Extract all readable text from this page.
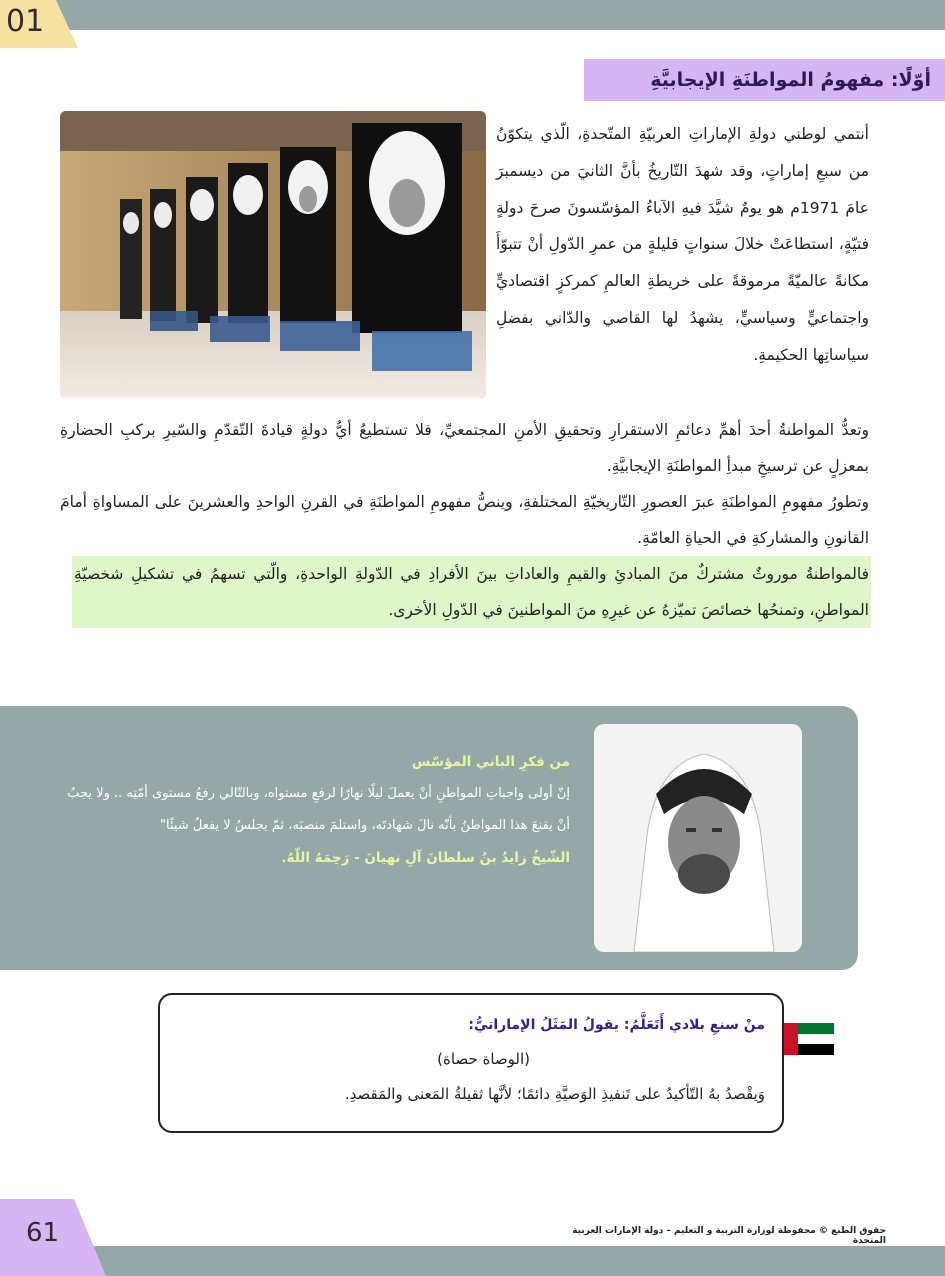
01
أوّلًا: مفهومُ المواطنَةِ الإيجابيَّةِ
أنتمي لوطني دولةِ الإماراتِ العربيّةِ المتّحدةِ، الّذي يتكوّنُ من سبعِ إماراتٍ، وقد شهدَ التّاريخُ بأنَّ الثانيَ من ديسمبرَ عامَ 1971م هو يومٌ شيَّدَ فيهِ الآباءُ المؤسّسونَ صرحَ دولةٍ فتيّةٍ، استطاعَتْ خلالَ سنواتٍ قليلةٍ من عمرِ الدّولِ أنْ تتبوّأَ مكانةً عالميّةً مرموقةً على خريطةِ العالمِ كمركزٍ اقتصاديٍّ واجتماعيٍّ وسياسيٍّ، يشهدُ لها القاصي والدّاني بفضلِ سياساتِها الحكيمةِ.
وتعدُّ المواطنةُ أحدَ أهمِّ دعائمِ الاستقرارِ وتحقيقِ الأمنِ المجتمعيِّ، فلا تستطيعُ أيُّ دولةٍ قيادةَ التّقدّمِ والسّيرِ بركبِ الحضارةِ بمعزلٍ عن ترسيخِ مبدأِ المواطنَةِ الإيجابيَّةِ.
وتطورُ مفهومِ المواطنَةِ عبرَ العصورِ التّاريخيّةِ المختلفةِ، وينصُّ مفهومِ المواطنَةِ في القرنِ الواحدِ والعشرينَ على المساواةِ أمامَ القانونِ والمشاركةِ في الحياةِ العامّةِ.
فالمواطنةُ موروثٌ مشتركٌ منَ المبادئِ والقيمِ والعاداتِ بينَ الأفرادِ في الدّولةِ الواحدةِ، والّتي تسهمُ في تشكيلِ شخصيّةِ المواطنِ، وتمنحُها خصائصَ تميّزهُ عن غيرِهِ منَ المواطنينَ في الدّولِ الأخرى.
من فكرِ الباني المؤسّس
إنّ أولى واجباتِ المواطنِ أنْ يعملَ ليلًا نهارًا لرفعِ مستواه، وبالتّالي رفعُ مستوى أمّتِه .. ولا يجبُ أنْ يقنعَ هذا المواطنُ بأنّه نالَ شهادتَه، واستلمَ منصبَه، ثمّ يجلسُ لا يفعلُ شيئًا"
الشّيخُ زايدُ بنُ سلطانَ آلِ نهيانَ - رَحِمَهُ اللّهُ.
منْ سنعِ بلادي أَتَعَلَّمُ: يقولُ المَثَلُ الإماراتيُّ:
(الوصاة حصاة)
وَيقْصدُ بهُ التّأكيدُ على تَنفيذِ الوَصيَّةِ دائمًا؛ لأنَّها ثقيلةُ المَعنى والمَقصدِ.
61	حقوق الطبع © محفوظة لوزارة التربية و التعليم – دولة الإمارات العربية المتحدة
